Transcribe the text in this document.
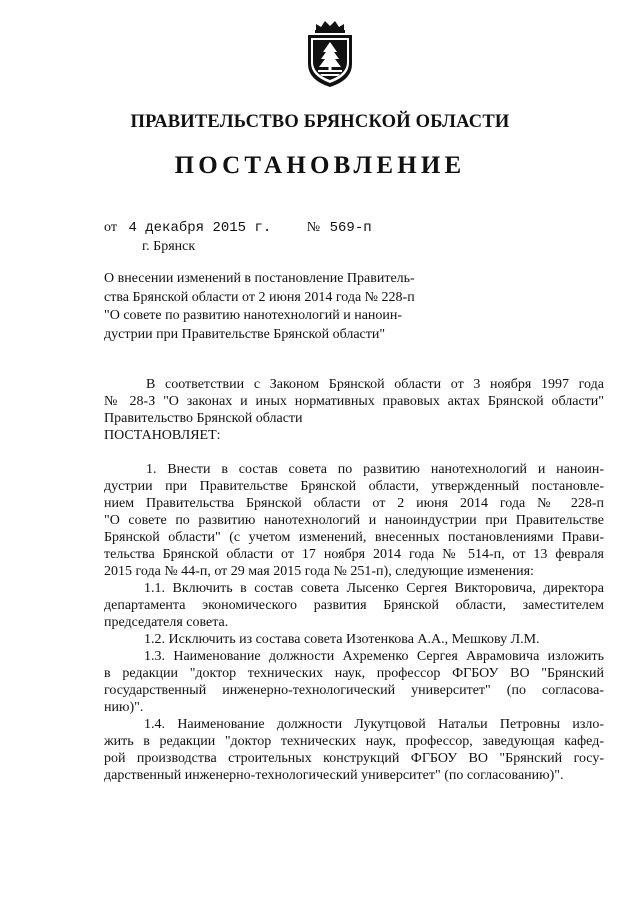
ПРАВИТЕЛЬСТВО БРЯНСКОЙ ОБЛАСТИ
ПОСТАНОВЛЕНИЕ
от 4 декабря 2015 г.	№ 569-п
г. Брянск
О внесении изменений в постановление Правитель-
ства Брянской области от 2 июня 2014 года № 228-п
"О совете по развитию нанотехнологий и наноин-
дустрии при Правительстве Брянской области"
В соответствии с Законом Брянской области от 3 ноября 1997 года
№ 28-З "О законах и иных нормативных правовых актах Брянской области"
Правительство Брянской области
ПОСТАНОВЛЯЕТ:
1. Внести в состав совета по развитию нанотехнологий и наноин-
дустрии при Правительстве Брянской области, утвержденный постановле-
нием Правительства Брянской области от 2 июня 2014 года № 228-п
"О совете по развитию нанотехнологий и наноиндустрии при Правительстве
Брянской области" (с учетом изменений, внесенных постановлениями Прави-
тельства Брянской области от 17 ноября 2014 года № 514-п, от 13 февраля
2015 года № 44-п, от 29 мая 2015 года № 251-п), следующие изменения:
1.1. Включить в состав совета Лысенко Сергея Викторовича, директора
департамента экономического развития Брянской области, заместителем
председателя совета.
1.2. Исключить из состава совета Изотенкова А.А., Мешкову Л.М.
1.3. Наименование должности Ахременко Сергея Аврамовича изложить
в редакции "доктор технических наук, профессор ФГБОУ ВО "Брянский
государственный инженерно-технологический университет" (по согласова-
нию)".
1.4. Наименование должности Лукутцовой Натальи Петровны изло-
жить в редакции "доктор технических наук, профессор, заведующая кафед-
рой производства строительных конструкций ФГБОУ ВО "Брянский госу-
дарственный инженерно-технологический университет" (по согласованию)".
